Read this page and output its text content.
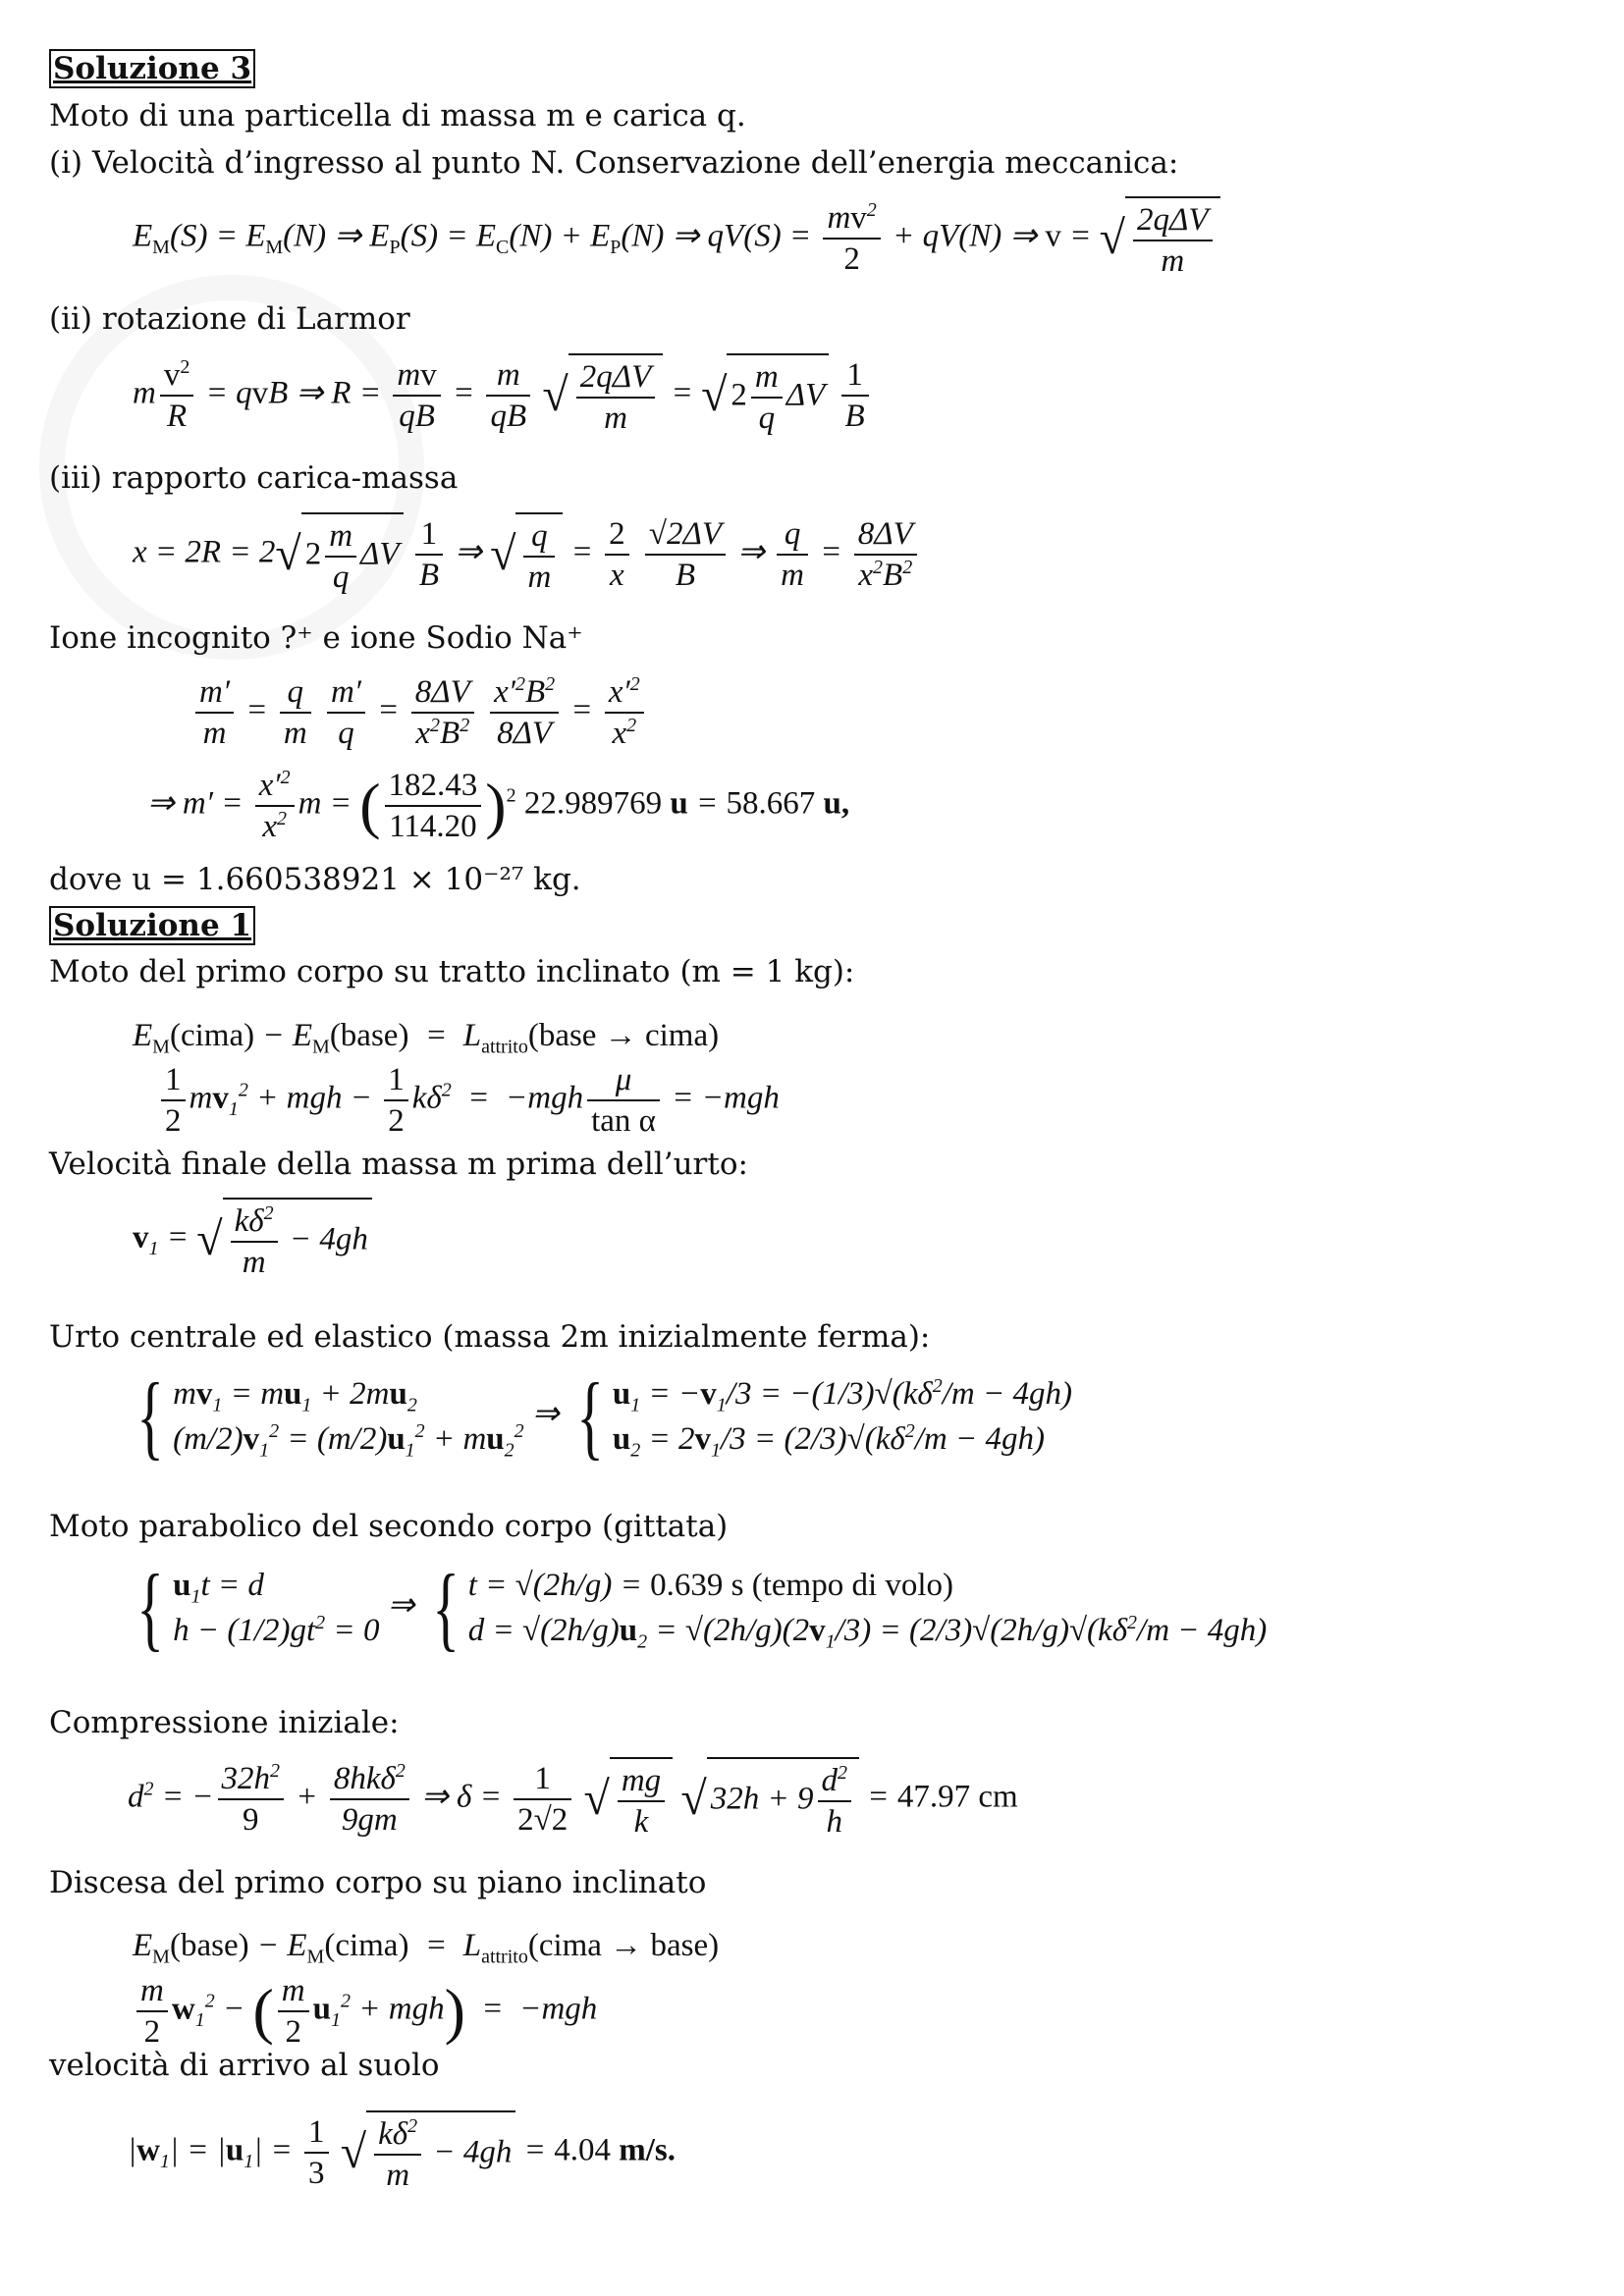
Soluzione 3
Moto di una particella di massa m e carica q.
(i) Velocità d’ingresso al punto N. Conservazione dell’energia meccanica:
$E_M(S) = E_M(N)$ ⇒ $E_P(S) = E_C(N) + E_P(N)$ ⇒ $qV(S) = \frac{mv^2}{2} + qV(N)$ ⇒ v = √ $\frac{\text{2qΔV}}{m}$
(ii) rotazione di Larmor
m $\frac{v^2}{R}$ = qvB ⇒ $R = \frac{mv}{qB} = \frac{m}{qB}$ √ $\frac{\text{2qΔV}}{m}$ = √ $2 \frac{m}{q}$ ΔV $\frac{1}{B}$
(iii) rapporto carica-massa
x = 2R = 2√ $2 \frac{m}{q}$ ΔV $\frac{1}{B}$ ⇒ √ $\frac{q}{m} = \frac{2}{x}$
$\frac{√2\Delta V}{B}$ ⇒ $\frac{q}{m} = \frac{8\Delta V}{x^2B^2}$
Ione incognito ?⁺ e ione Sodio Na⁺
$\frac{m'}{m} = \frac{q}{m}$
$\frac{m'}{q} = \frac{8\Delta V}{x^2B^2}$
$\frac{x'^2B^2}{8\Delta V} = \frac{x'^2}{x^2}$
⇒ $m' = \frac{x'^2}{x^2}$ m = ( $\frac{182.43}{114.20} )^2$ 22.989769 u = 58.667 u,
dove u = 1.660538921 × 10⁻²⁷ kg.
Soluzione 1
Moto del primo corpo su tratto inclinato (m = 1 kg):
$E_M(cima)$ − $E_M(base)$  =  $L_{attrito}(base$ → cima)
$\frac{1}{2} mv_1^2$ + mgh − $\frac{1}{2} k\delta^2 = -mgh \frac{\mu}{\text{tan α}} = -mgh$
Velocità finale della massa m prima dell’urto:
$v_1$ = √ $\frac{k\delta^2}{m} - 4gh$
Urto centrale ed elastico (massa 2m inizialmente ferma):
{ $mv_1 = mu_1 + 2mu_2$
$(m/2)v_1^2 = (m/2)u_1^2 + mu_2^2$ ⇒ { $u_1 = -v_1/3 = -(1/3)√(k\delta^2/m - 4gh)$
$u_2 = 2v_1/3 = (2/3)√(k\delta^2/m - 4gh)$
Moto parabolico del secondo corpo (gittata)
{ $u_1t = d$
$h - (1/2)gt^2 = 0$
⇒ { t = √(2h/g) = 0.639 s (tempo di volo)
$d = √(2h/g)u_2 = √(2h/g)(2v_1/3) = (2/3)√(2h/g)√(k\delta^2/m - 4gh)$
Compressione iniziale:
$d^2$ = − $\frac{32h^2}{9} + \frac{8hk\delta^2}{9gm}$ ⇒ $\delta = \frac{1}{2√2}$ √ $\frac{mg}{k}$ √ $32h + 9 \frac{d^2}{h} = 47.97$ cm
Discesa del primo corpo su piano inclinato
$E_M(base)$ − $E_M(cima)$  =  $L_{attrito}(cima$ → base)
$\frac{m}{2} w_1^2$ − ( $\frac{m}{2} u_1^2 + mgh) = -mgh$
velocità di arrivo al suolo
$|w_1| = |u_1| = \frac{1}{3}$ √ $\frac{k\delta^2}{m} - 4gh = 4.04$ m/s.
